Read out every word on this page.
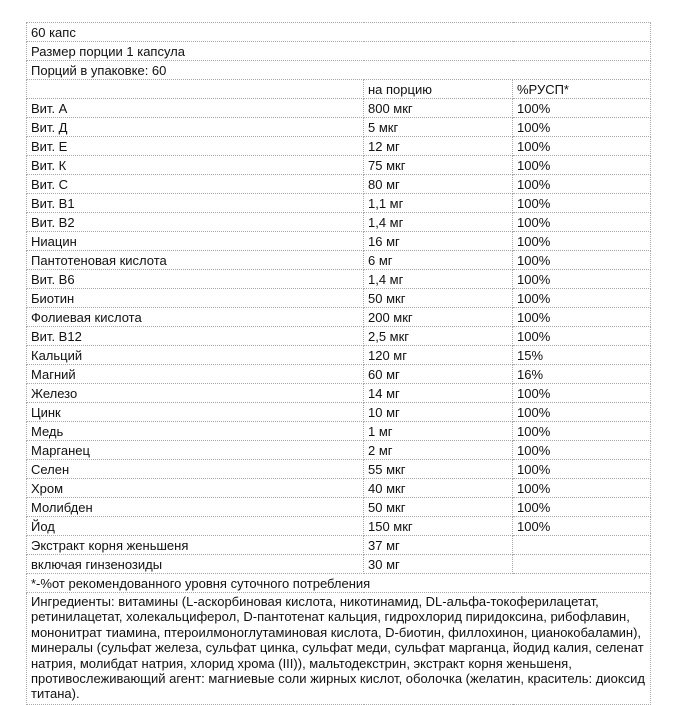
60 капс		
Размер порции 1 капсула		
Порций в упаковке: 60		
	на порцию	%РУСП*
Вит. А	800 мкг	100%
Вит. Д	5 мкг	100%
Вит. Е	12 мг	100%
Вит. К	75 мкг	100%
Вит. С	80 мг	100%
Вит. В1	1,1 мг	100%
Вит. В2	1,4 мг	100%
Ниацин	16 мг	100%
Пантотеновая кислота	6 мг	100%
Вит. В6	1,4 мг	100%
Биотин	50 мкг	100%
Фолиевая кислота	200 мкг	100%
Вит. В12	2,5 мкг	100%
Кальций	120 мг	15%
Магний	60 мг	16%
Железо	14 мг	100%
Цинк	10 мг	100%
Медь	1 мг	100%
Марганец	2 мг	100%
Селен	55 мкг	100%
Хром	40 мкг	100%
Молибден	50 мкг	100%
Йод	150 мкг	100%
Экстракт корня женьшеня	37 мг	
включая гинзенозиды	30 мг	
*-%от рекомендованного уровня суточного потребления		
Ингредиенты: витамины (L-аскорбиновая кислота, никотинамид, DL-альфа-токоферилацетат, ретинилацетат, холекальциферол, D-пантотенат кальция, гидрохлорид пиридоксина, рибофлавин, мононитрат тиамина, птероилмоноглутаминовая кислота, D-биотин, филлохинон, цианокобаламин), минералы (сульфат железа, сульфат цинка, сульфат меди, сульфат марганца, йодид калия, селенат натрия, молибдат натрия, хлорид хрома (III)), мальтодекстрин, экстракт корня женьшеня, противослеживающий агент: магниевые соли жирных кислот, оболочка (желатин, краситель: диоксид титана).		
